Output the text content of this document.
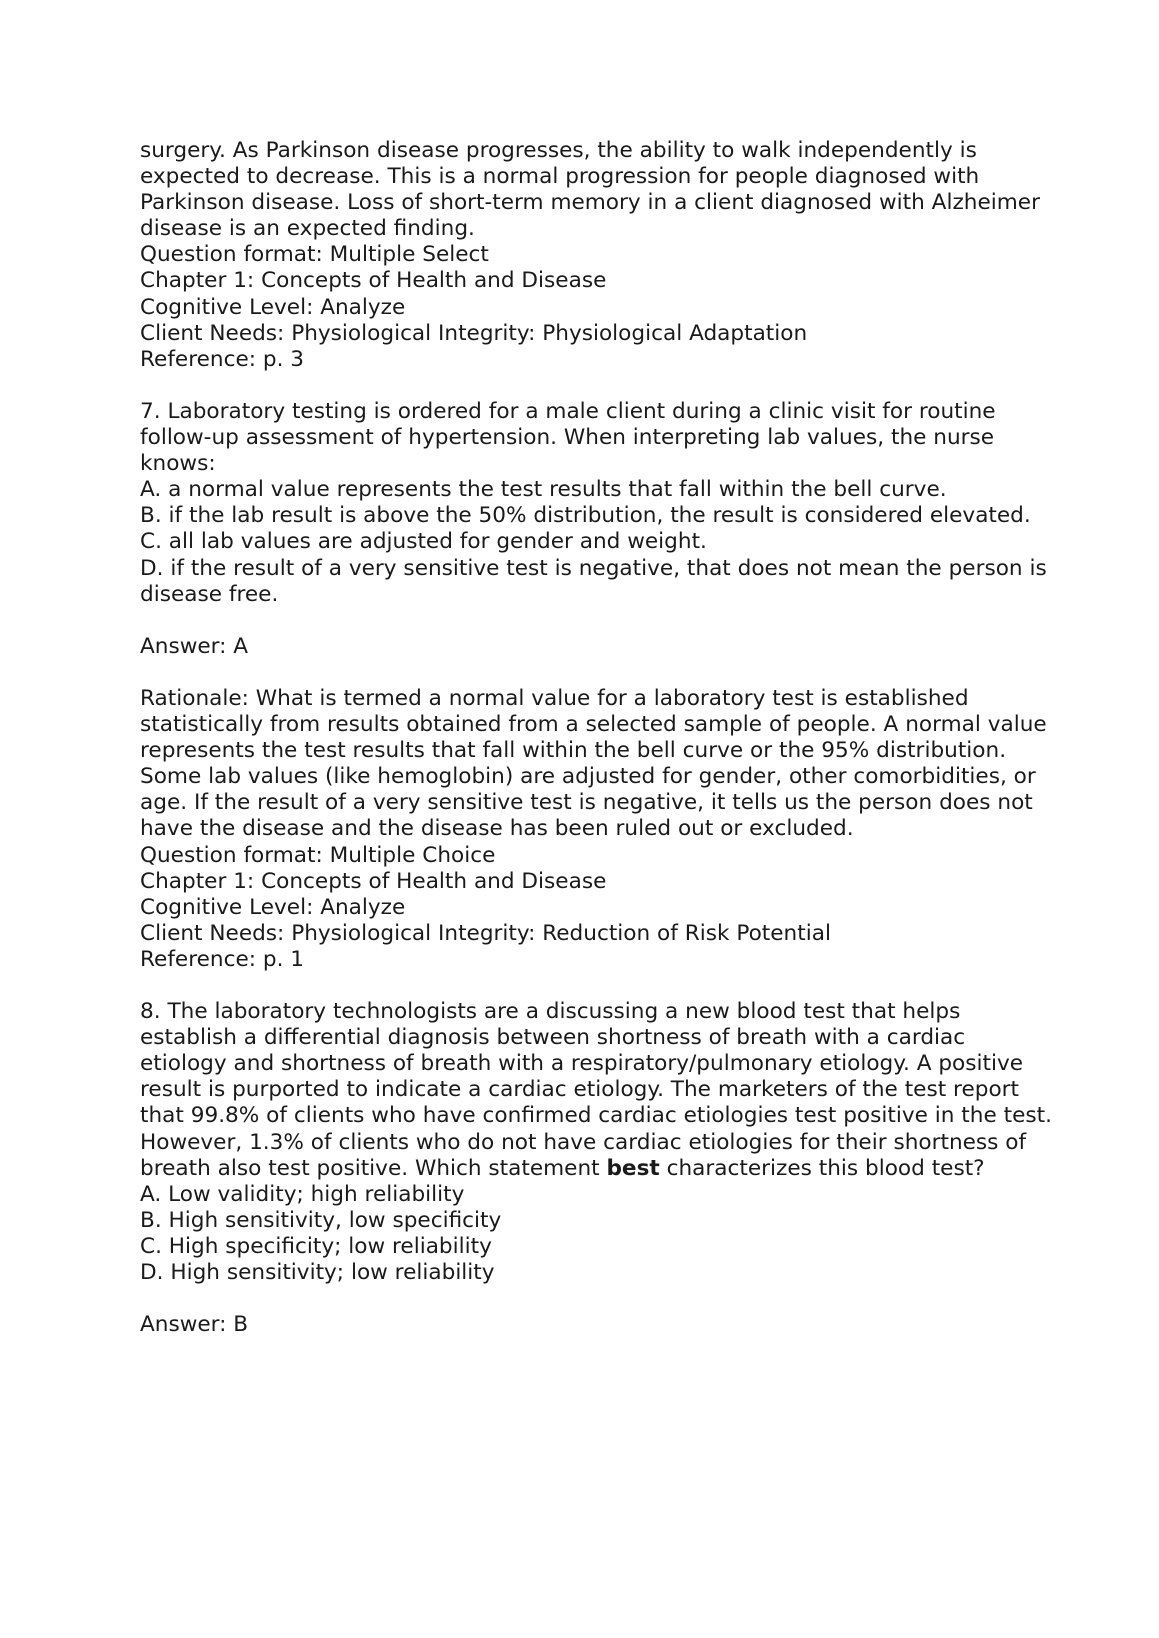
surgery. As Parkinson disease progresses, the ability to walk independently is
expected to decrease. This is a normal progression for people diagnosed with
Parkinson disease. Loss of short-term memory in a client diagnosed with Alzheimer
disease is an expected finding.
Question format: Multiple Select
Chapter 1: Concepts of Health and Disease
Cognitive Level: Analyze
Client Needs: Physiological Integrity: Physiological Adaptation
Reference: p. 3
7. Laboratory testing is ordered for a male client during a clinic visit for routine
follow-up assessment of hypertension. When interpreting lab values, the nurse
knows:
A. a normal value represents the test results that fall within the bell curve.
B. if the lab result is above the 50% distribution, the result is considered elevated.
C. all lab values are adjusted for gender and weight.
D. if the result of a very sensitive test is negative, that does not mean the person is
disease free.
Answer: A
Rationale: What is termed a normal value for a laboratory test is established
statistically from results obtained from a selected sample of people. A normal value
represents the test results that fall within the bell curve or the 95% distribution.
Some lab values (like hemoglobin) are adjusted for gender, other comorbidities, or
age. If the result of a very sensitive test is negative, it tells us the person does not
have the disease and the disease has been ruled out or excluded.
Question format: Multiple Choice
Chapter 1: Concepts of Health and Disease
Cognitive Level: Analyze
Client Needs: Physiological Integrity: Reduction of Risk Potential
Reference: p. 1
8. The laboratory technologists are a discussing a new blood test that helps
establish a differential diagnosis between shortness of breath with a cardiac
etiology and shortness of breath with a respiratory/pulmonary etiology. A positive
result is purported to indicate a cardiac etiology. The marketers of the test report
that 99.8% of clients who have confirmed cardiac etiologies test positive in the test.
However, 1.3% of clients who do not have cardiac etiologies for their shortness of
breath also test positive. Which statement best characterizes this blood test?
A. Low validity; high reliability
B. High sensitivity, low specificity
C. High specificity; low reliability
D. High sensitivity; low reliability
Answer: B
